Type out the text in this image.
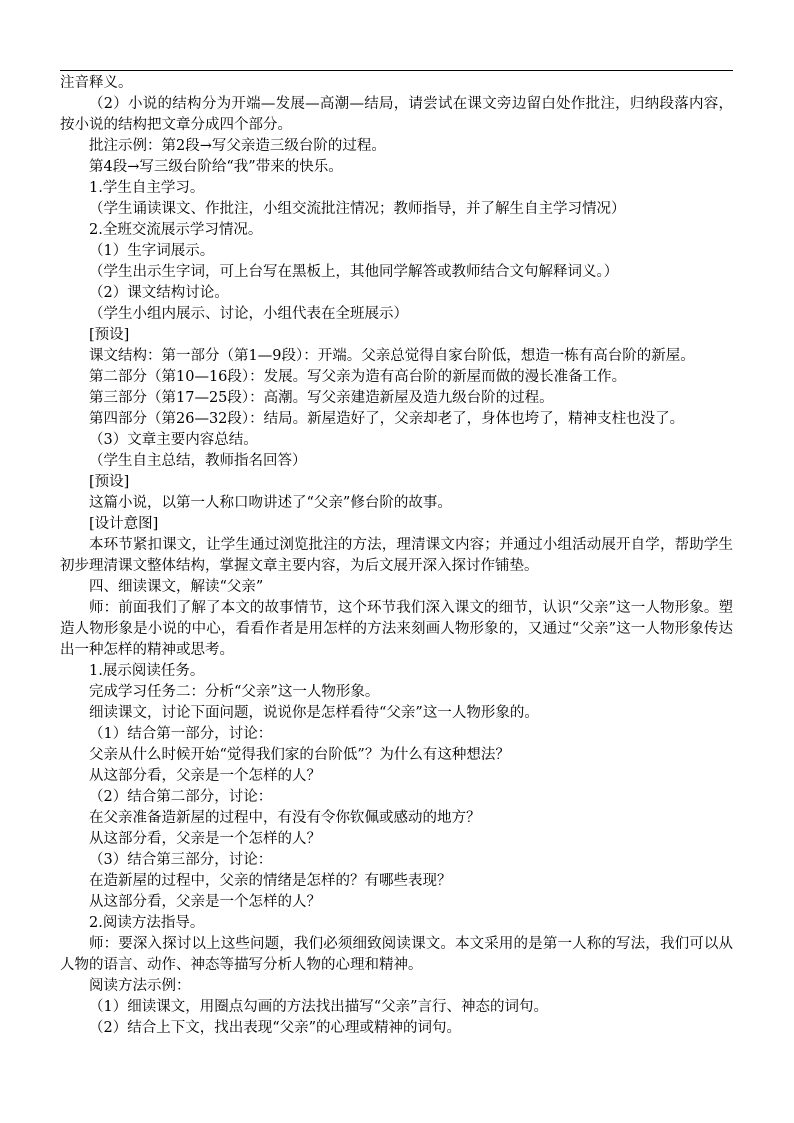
注音释义。

（2）小说的结构分为开端—发展—高潮—结局，请尝试在课文旁边留白处作批注，归纳段落内容，按小说的结构把文章分成四个部分。

批注示例：第2段→写父亲造三级台阶的过程。

第4段→写三级台阶给“我”带来的快乐。

1.学生自主学习。

（学生诵读课文、作批注，小组交流批注情况；教师指导，并了解生自主学习情况）

2.全班交流展示学习情况。

（1）生字词展示。

（学生出示生字词，可上台写在黑板上，其他同学解答或教师结合文句解释词义。）

（2）课文结构讨论。

（学生小组内展示、讨论，小组代表在全班展示）

[预设]

课文结构：第一部分（第1—9段）：开端。父亲总觉得自家台阶低，想造一栋有高台阶的新屋。

第二部分（第10—16段）：发展。写父亲为造有高台阶的新屋而做的漫长准备工作。

第三部分（第17—25段）：高潮。写父亲建造新屋及造九级台阶的过程。

第四部分（第26—32段）：结局。新屋造好了，父亲却老了，身体也垮了，精神支柱也没了。

（3）文章主要内容总结。

（学生自主总结，教师指名回答）

[预设]

这篇小说，以第一人称口吻讲述了“父亲”修台阶的故事。

[设计意图]

本环节紧扣课文，让学生通过浏览批注的方法，理清课文内容；并通过小组活动展开自学，帮助学生初步理清课文整体结构，掌握文章主要内容，为后文展开深入探讨作铺垫。

四、细读课文，解读“父亲”

师：前面我们了解了本文的故事情节，这个环节我们深入课文的细节，认识“父亲”这一人物形象。塑造人物形象是小说的中心，看看作者是用怎样的方法来刻画人物形象的，又通过“父亲”这一人物形象传达出一种怎样的精神或思考。

1.展示阅读任务。

完成学习任务二：分析“父亲”这一人物形象。

细读课文，讨论下面问题，说说你是怎样看待“父亲”这一人物形象的。

（1）结合第一部分，讨论：

父亲从什么时候开始“觉得我们家的台阶低”？为什么有这种想法？

从这部分看，父亲是一个怎样的人？

（2）结合第二部分，讨论：

在父亲准备造新屋的过程中，有没有令你钦佩或感动的地方？

从这部分看，父亲是一个怎样的人？

（3）结合第三部分，讨论：

在造新屋的过程中，父亲的情绪是怎样的？有哪些表现？

从这部分看，父亲是一个怎样的人？

2.阅读方法指导。

师：要深入探讨以上这些问题，我们必须细致阅读课文。本文采用的是第一人称的写法，我们可以从人物的语言、动作、神态等描写分析人物的心理和精神。

阅读方法示例：

（1）细读课文，用圈点勾画的方法找出描写“父亲”言行、神态的词句。

（2）结合上下文，找出表现“父亲”的心理或精神的词句。
